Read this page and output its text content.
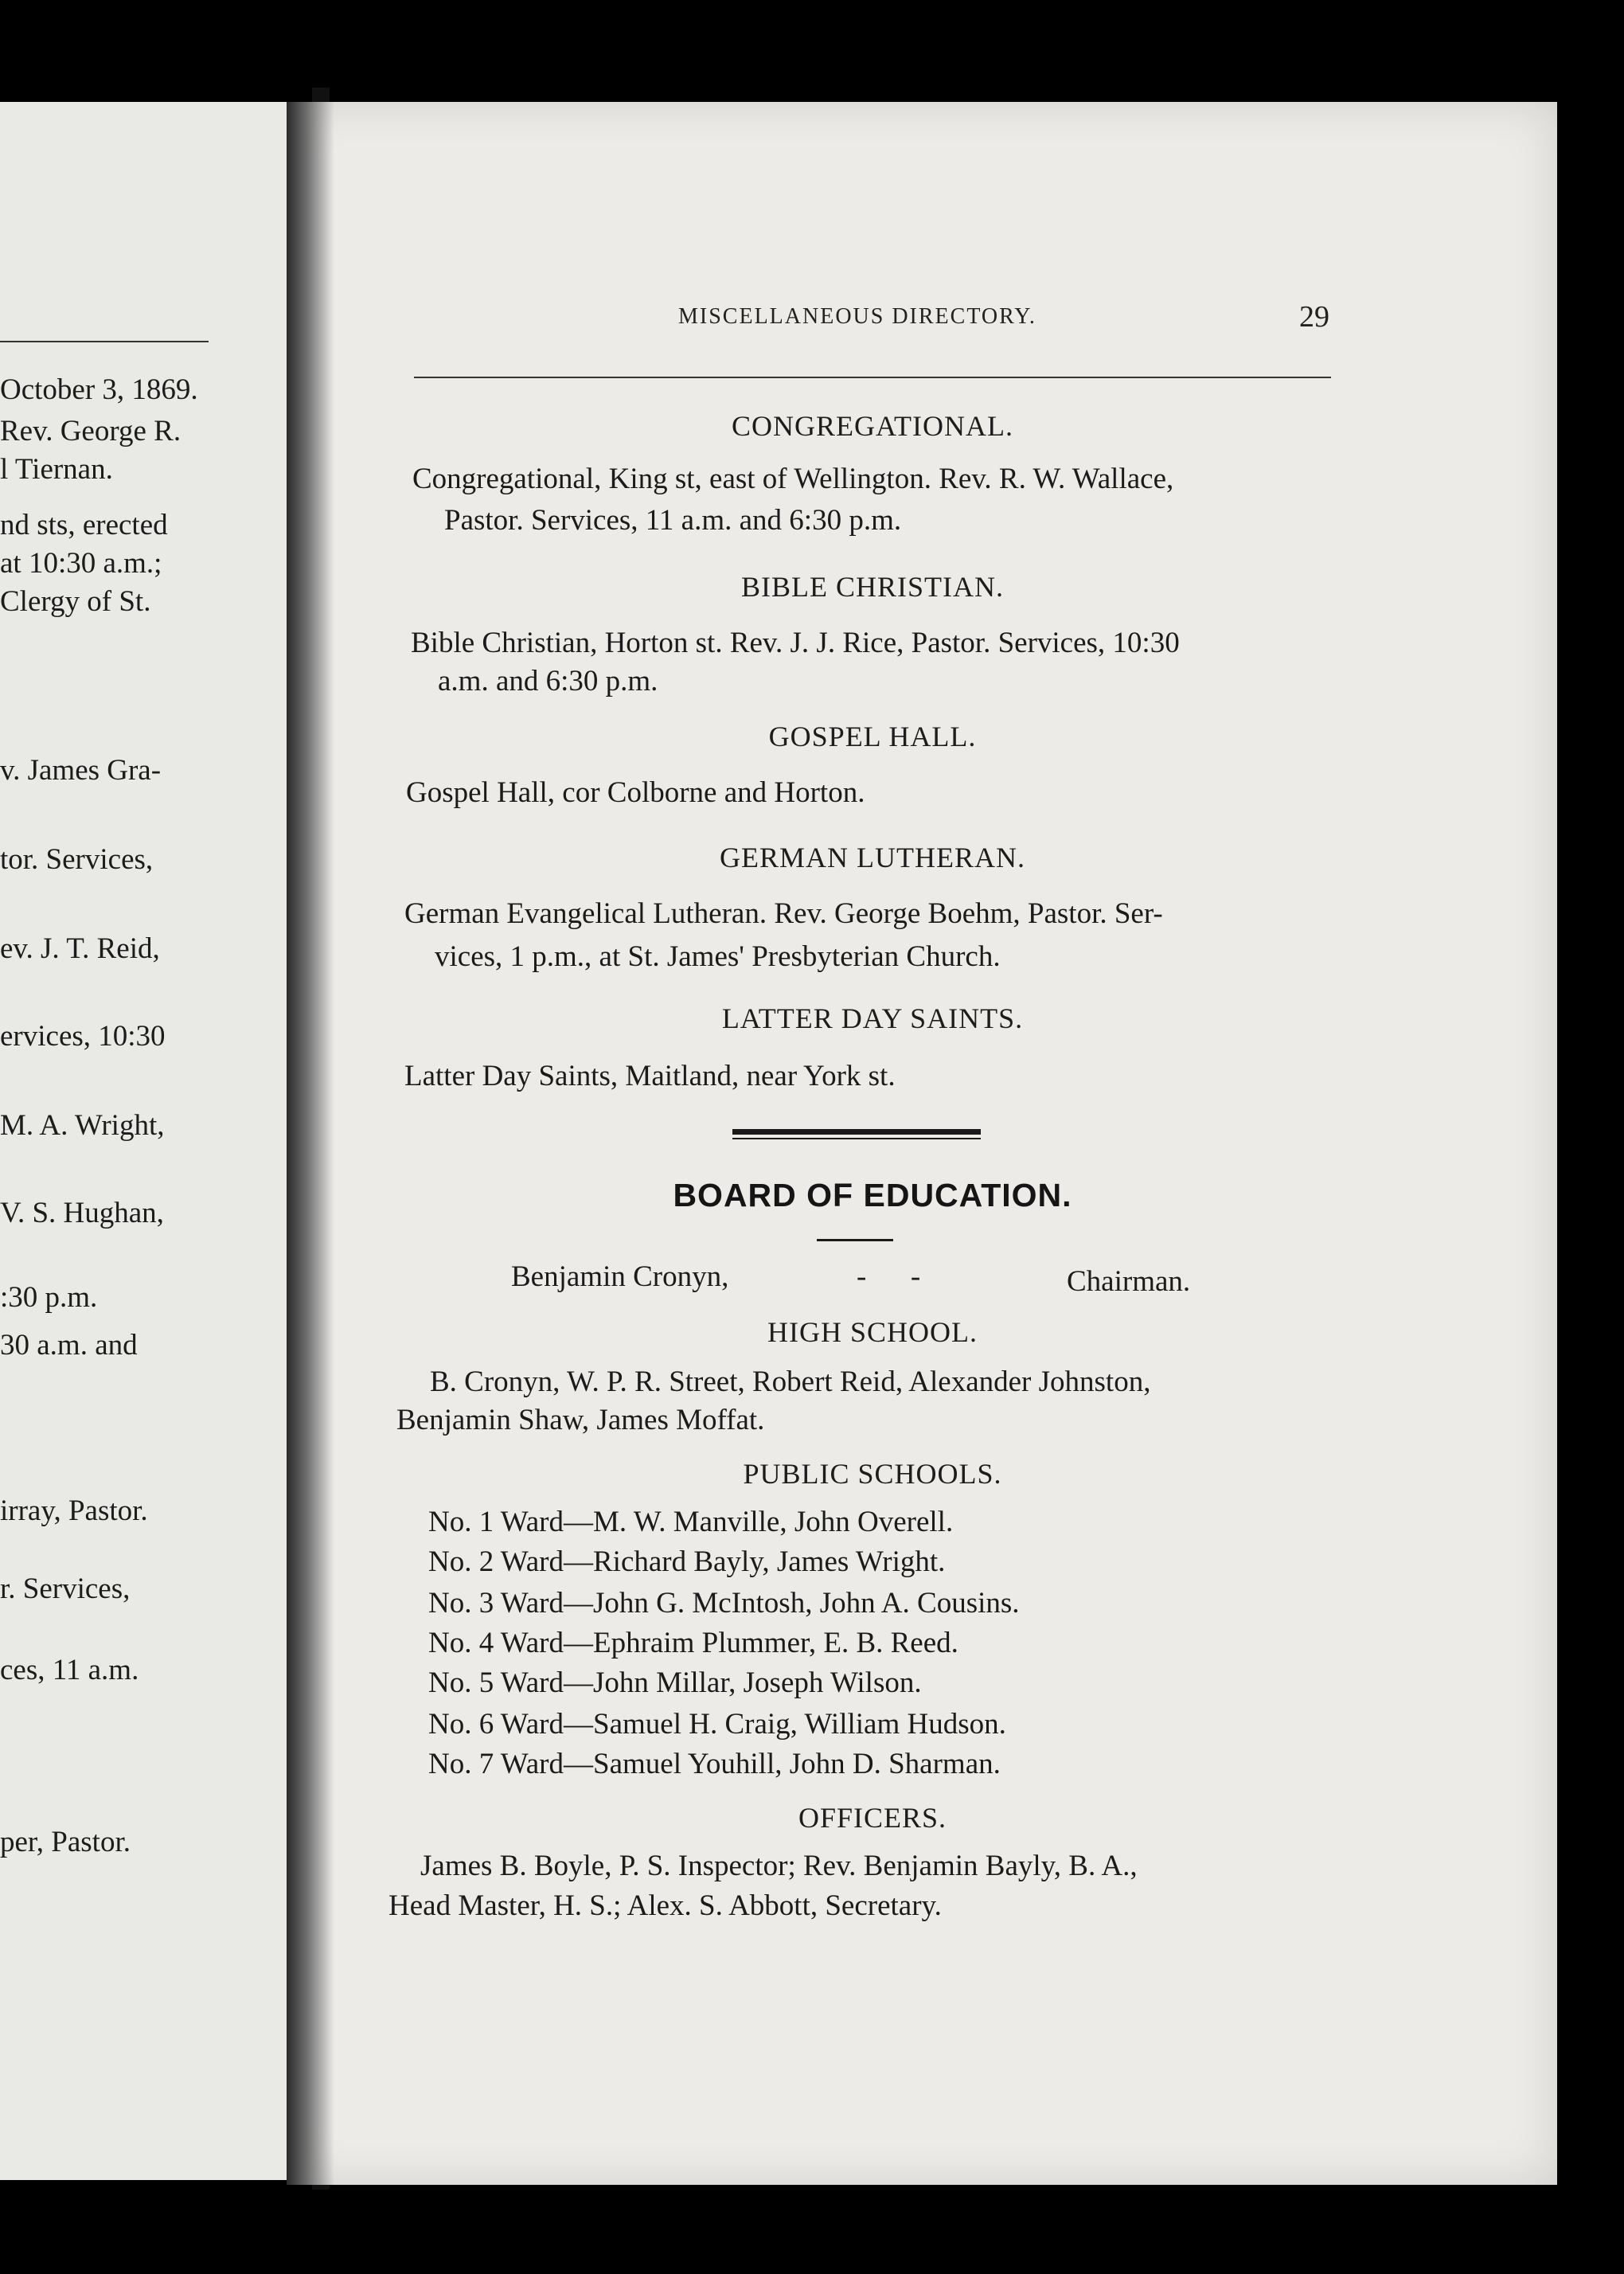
October 3, 1869.
Rev. George R.
l Tiernan.
nd sts, erected
at 10:30 a.m.;
Clergy of St.
v. James Gra-
tor. Services,
ev. J. T. Reid,
ervices, 10:30
M. A. Wright,
V. S. Hughan,
:30 p.m.
30 a.m. and
irray, Pastor.
r. Services,
ces, 11 a.m.
per, Pastor.
MISCELLANEOUS DIRECTORY.	29
CONGREGATIONAL.
Congregational, King st, east of Wellington. Rev. R. W. Wallace,
Pastor. Services, 11 a.m. and 6:30 p.m.
BIBLE CHRISTIAN.
Bible Christian, Horton st. Rev. J. J. Rice, Pastor. Services, 10:30
a.m. and 6:30 p.m.
GOSPEL HALL.
Gospel Hall, cor Colborne and Horton.
GERMAN LUTHERAN.
German Evangelical Lutheran. Rev. George Boehm, Pastor. Ser-
vices, 1 p.m., at St. James' Presbyterian Church.
LATTER DAY SAINTS.
Latter Day Saints, Maitland, near York st.
BOARD OF EDUCATION.
Benjamin Cronyn,	-      -	Chairman.
HIGH SCHOOL.
B. Cronyn, W. P. R. Street, Robert Reid, Alexander Johnston,
Benjamin Shaw, James Moffat.
PUBLIC SCHOOLS.
No. 1 Ward—M. W. Manville, John Overell.
No. 2 Ward—Richard Bayly, James Wright.
No. 3 Ward—John G. McIntosh, John A. Cousins.
No. 4 Ward—Ephraim Plummer, E. B. Reed.
No. 5 Ward—John Millar, Joseph Wilson.
No. 6 Ward—Samuel H. Craig, William Hudson.
No. 7 Ward—Samuel Youhill, John D. Sharman.
OFFICERS.
James B. Boyle, P. S. Inspector; Rev. Benjamin Bayly, B. A.,
Head Master, H. S.; Alex. S. Abbott, Secretary.
